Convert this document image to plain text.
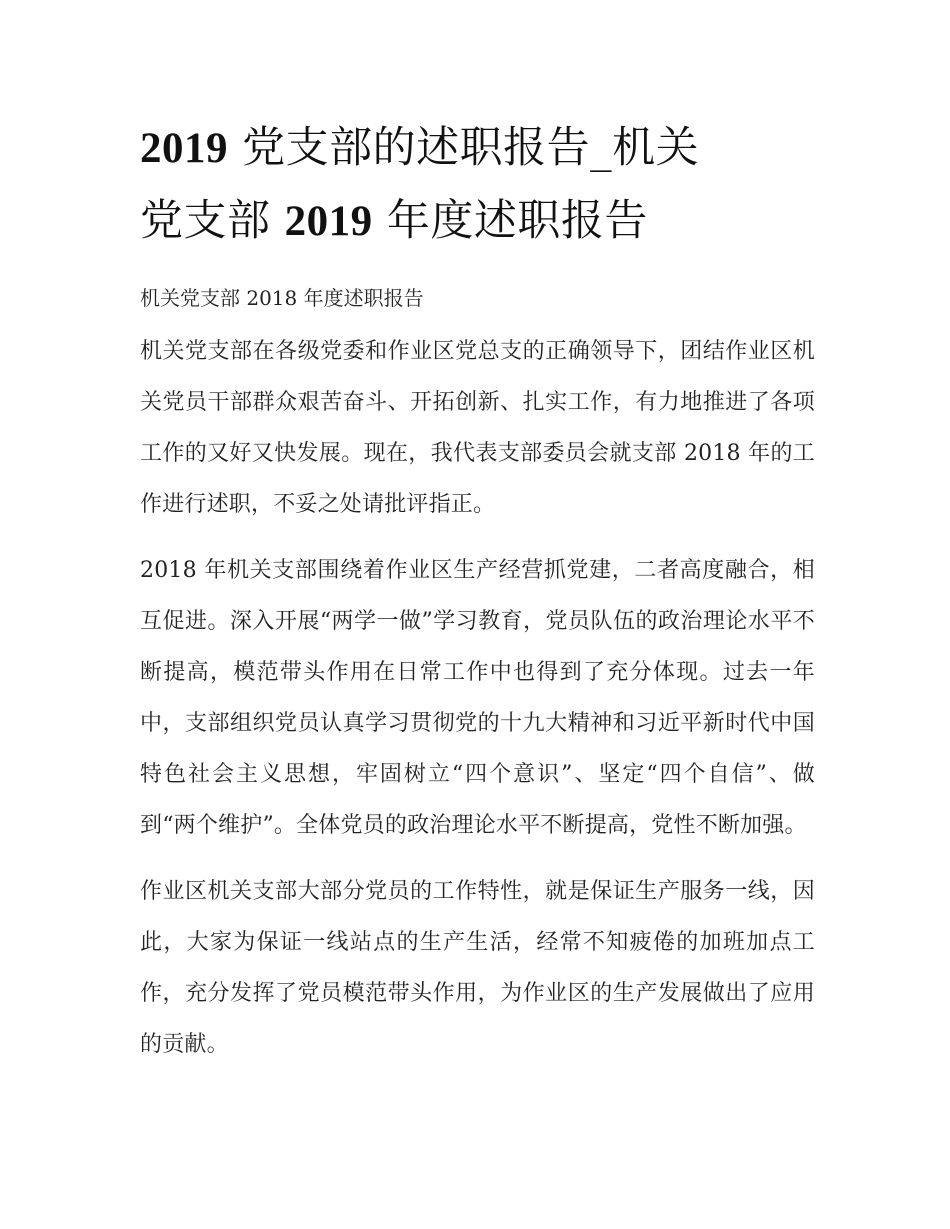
2019 党支部的述职报告_机关
党支部 2019 年度述职报告

机关党支部 2018 年度述职报告

机关党支部在各级党委和作业区党总支的正确领导下，团结作业区机关党员干部群众艰苦奋斗、开拓创新、扎实工作，有力地推进了各项工作的又好又快发展。现在，我代表支部委员会就支部 2018 年的工作进行述职，不妥之处请批评指正。

2018 年机关支部围绕着作业区生产经营抓党建，二者高度融合，相互促进。深入开展“两学一做”学习教育，党员队伍的政治理论水平不断提高，模范带头作用在日常工作中也得到了充分体现。过去一年中，支部组织党员认真学习贯彻党的十九大精神和习近平新时代中国特色社会主义思想，牢固树立“四个意识”、坚定“四个自信”、做到“两个维护”。全体党员的政治理论水平不断提高，党性不断加强。

作业区机关支部大部分党员的工作特性，就是保证生产服务一线，因此，大家为保证一线站点的生产生活，经常不知疲倦的加班加点工作，充分发挥了党员模范带头作用，为作业区的生产发展做出了应用的贡献。
